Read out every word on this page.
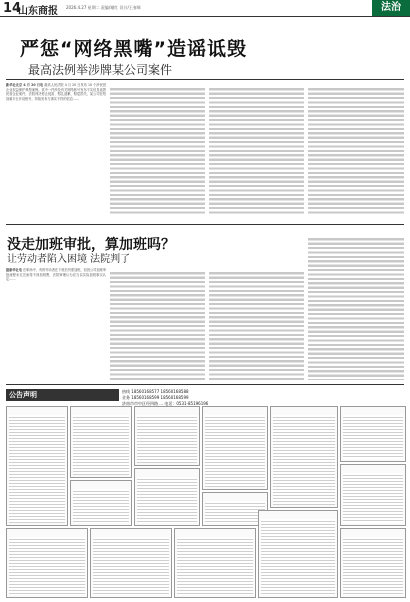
14
山东商报 2026.4.27 星期二 责编/谢红 设计/王春辉	法治
严惩“网络黑嘴”造谣诋毁
最高法例举涉牌某公司案件
新华社北京 4 月 20 日电 最高人民法院 4 月 20 日发布 10 个涉民营企业权益保护典型案例。其中一件涉及有关网络账号发布不实信息诋毁民营企业案件，法院判决停止侵害、赔礼道歉、赔偿损失。某公司在短视频平台开设账号，持续发布与事实不符的信息……
没走加班审批，算加班吗？
让劳动者陷入困境 法院判了
据新华社电 在职场中，有的劳动者在下班后仍需加班，但因公司加班审批流程未走完而得不到加班费，法院审理认为应当以实际加班事实认定……
公告声明	热线 18560168577 18560168588
业务 18560168599 18560168599
济南市市中区经四路 ... 电话：0531-85196196
